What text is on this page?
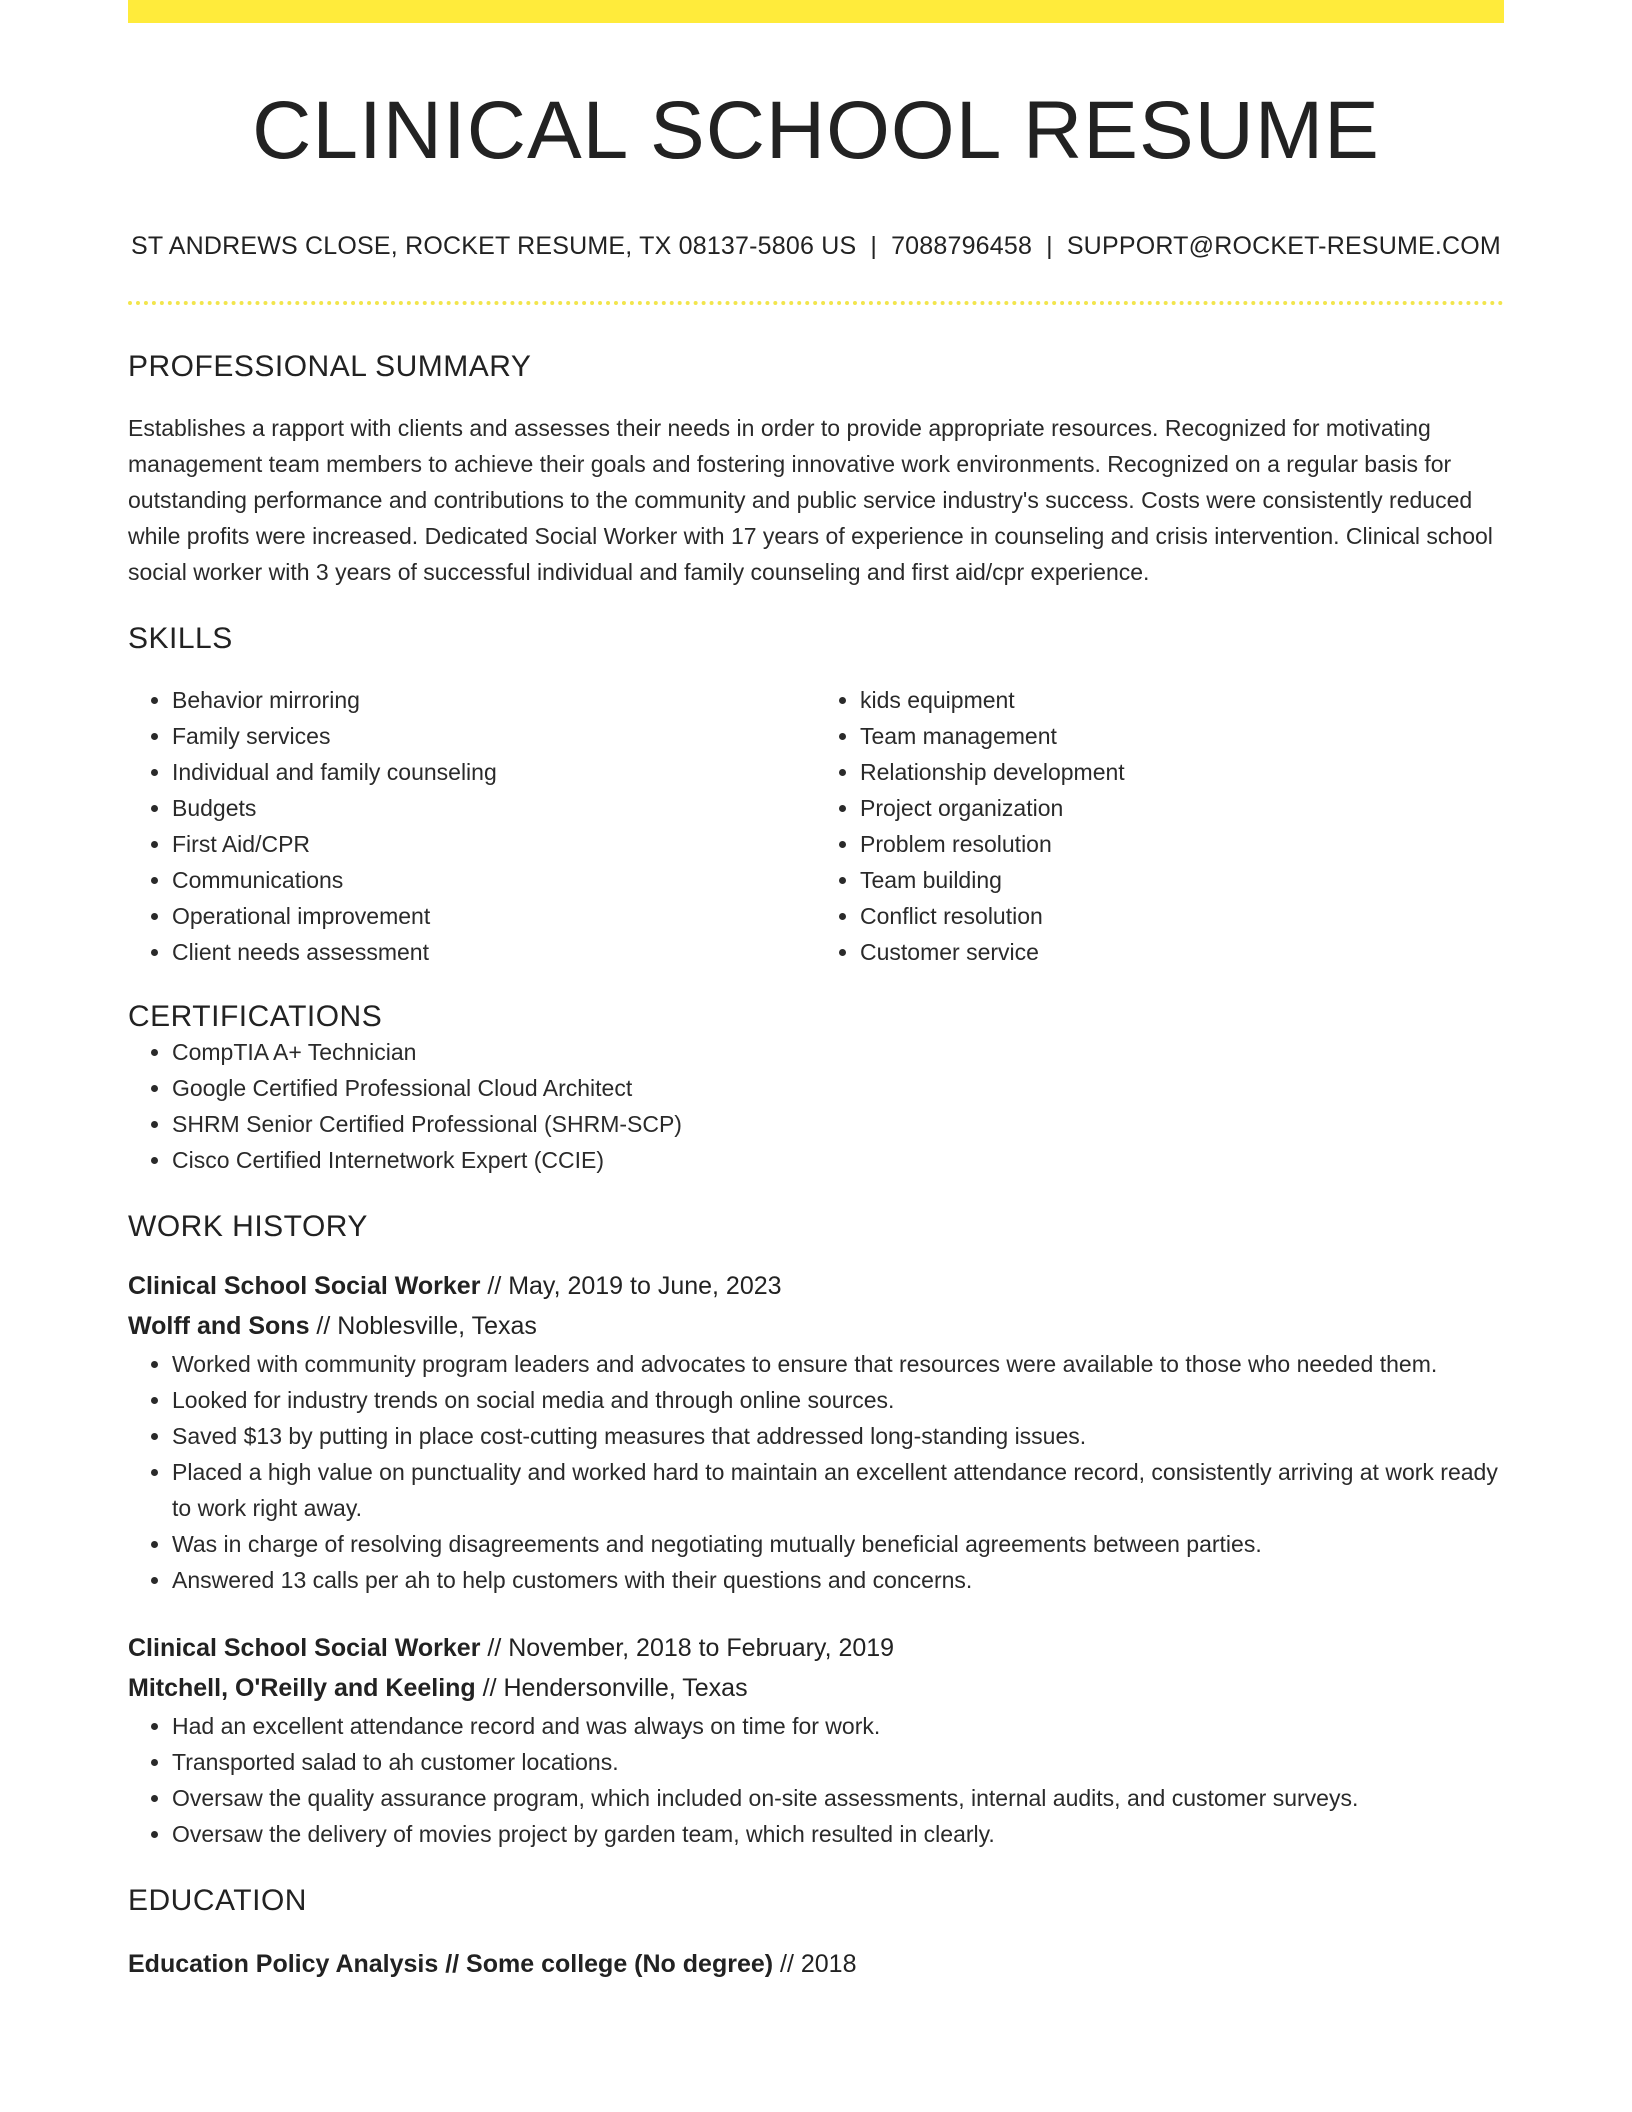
CLINICAL SCHOOL RESUME
ST ANDREWS CLOSE, ROCKET RESUME, TX 08137-5806 US | 7088796458 | SUPPORT@ROCKET-RESUME.COM
PROFESSIONAL SUMMARY

Establishes a rapport with clients and assesses their needs in order to provide appropriate resources. Recognized for motivating management team members to achieve their goals and fostering innovative work environments. Recognized on a regular basis for outstanding performance and contributions to the community and public service industry's success. Costs were consistently reduced while profits were increased. Dedicated Social Worker with 17 years of experience in counseling and crisis intervention. Clinical school social worker with 3 years of successful individual and family counseling and first aid/cpr experience.

SKILLS
• Behavior mirroring
• Family services
• Individual and family counseling
• Budgets
• First Aid/CPR
• Communications
• Operational improvement
• Client needs assessment
• kids equipment
• Team management
• Relationship development
• Project organization
• Problem resolution
• Team building
• Conflict resolution
• Customer service
CERTIFICATIONS
• CompTIA A+ Technician
• Google Certified Professional Cloud Architect
• SHRM Senior Certified Professional (SHRM-SCP)
• Cisco Certified Internetwork Expert (CCIE)
WORK HISTORY
Clinical School Social Worker // May, 2019 to June, 2023
Wolff and Sons // Noblesville, Texas
• Worked with community program leaders and advocates to ensure that resources were available to those who needed them.
• Looked for industry trends on social media and through online sources.
• Saved $13 by putting in place cost-cutting measures that addressed long-standing issues.
• Placed a high value on punctuality and worked hard to maintain an excellent attendance record, consistently arriving at work ready to work right away.
• Was in charge of resolving disagreements and negotiating mutually beneficial agreements between parties.
• Answered 13 calls per ah to help customers with their questions and concerns.
Clinical School Social Worker // November, 2018 to February, 2019
Mitchell, O'Reilly and Keeling // Hendersonville, Texas
• Had an excellent attendance record and was always on time for work.
• Transported salad to ah customer locations.
• Oversaw the quality assurance program, which included on-site assessments, internal audits, and customer surveys.
• Oversaw the delivery of movies project by garden team, which resulted in clearly.
EDUCATION
Education Policy Analysis // Some college (No degree) // 2018
